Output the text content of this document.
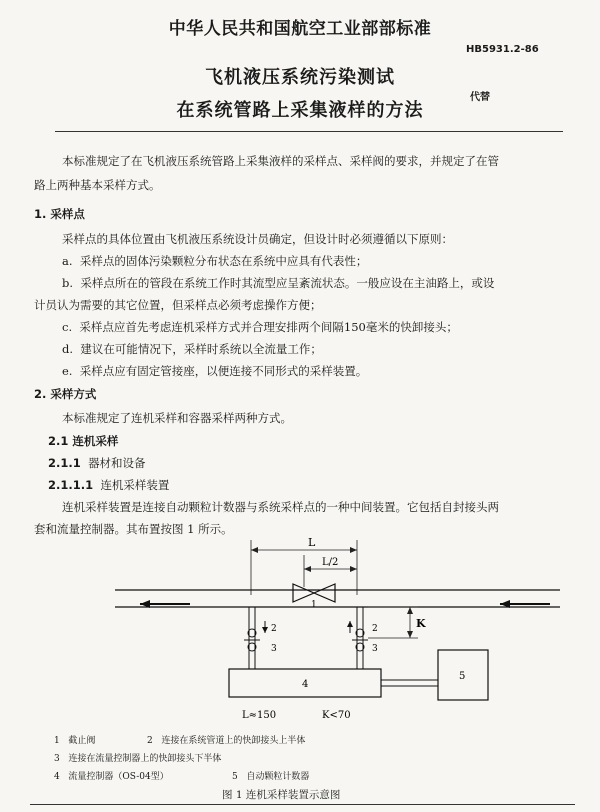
中华人民共和国航空工业部部标准
HB5931.2-86
飞机液压系统污染测试
在系统管路上采集液样的方法
代替
本标准规定了在飞机液压系统管路上采集液样的采样点、采样阀的要求，并规定了在管
路上两种基本采样方式。
1. 采样点
采样点的具体位置由飞机液压系统设计员确定，但设计时必须遵循以下原则：
a. 采样点的固体污染颗粒分布状态在系统中应具有代表性；
b. 采样点所在的管段在系统工作时其流型应呈紊流状态。一般应设在主油路上，或设
计员认为需要的其它位置，但采样点必须考虑操作方便；
c. 采样点应首先考虑连机采样方式并合理安排两个间隔150毫米的快卸接头；
d. 建议在可能情况下，采样时系统以全流量工作；
e. 采样点应有固定管接座，以便连接不同形式的采样装置。
2. 采样方式
本标准规定了连机采样和容器采样两种方式。
2.1 连机采样
2.1.1 器材和设备
2.1.1.1 连机采样装置
连机采样装置是连接自动颗粒计数器与系统采样点的一种中间装置。它包括自封接头两
套和流量控制器。其布置按图 1 所示。
L
L/2
1
2
3
2
3
K
4
5
L≈150	K<70
1 截止阀	2 连接在系统管道上的快卸接头上半体
3 连接在流量控制器上的快卸接头下半体
4 流量控制器（OS-04型）	5 自动颗粒计数器
图 1 连机采样装置示意图
